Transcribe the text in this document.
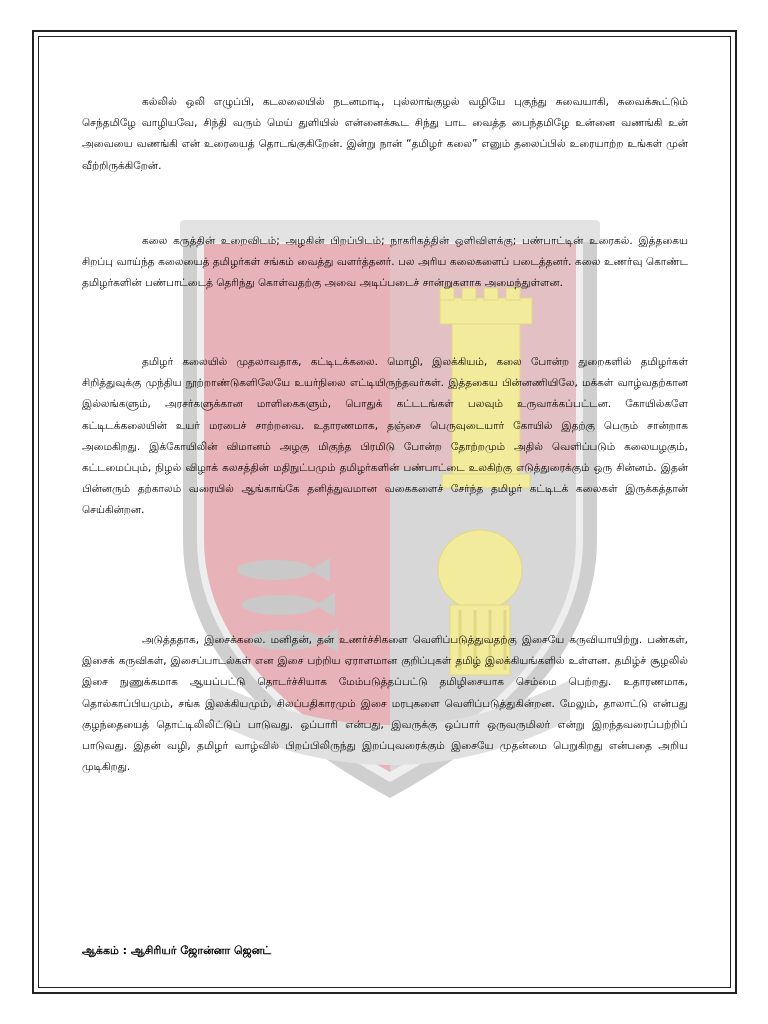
கல்லில் ஒலி எழுப்பி, கடலலையில் நடனமாடி, புல்லாங்குழல் வழியே புகுந்து சுவையாகி, சுவைக்கூட்டும் செந்தமிழே வாழியவே, சிந்தி வரும் மெய் துளியில் என்னைக்கூட சிந்து பாட வைத்த பைந்தமிழே உன்னை வணங்கி உன் அவையை வணங்கி என் உரையைத் தொடங்குகிறேன். இன்று நான் “தமிழர் கலை” எனும் தலைப்பில் உரையாற்ற உங்கள் முன் வீற்றிருக்கிறேன்.

கலை கருத்தின் உறைவிடம்; அழகின் பிறப்பிடம்; நாகரிகத்தின் ஒளிவிளக்கு; பண்பாட்டின் உரைகல். இத்தகைய சிறப்பு வாய்ந்த கலையைத் தமிழர்கள் சங்கம் வைத்து வளர்த்தனர். பல அரிய கலைகளைப் படைத்தனர். கலை உணர்வு கொண்ட தமிழர்களின் பண்பாட்டைத் தெரிந்து கொள்வதற்கு அவை அடிப்படைச் சான்றுகளாக அமைந்துள்ளன.

தமிழர் கலையில் முதலாவதாக, கட்டிடக்கலை. மொழி, இலக்கியம், கலை போன்ற துறைகளில் தமிழர்கள் சிறித்துவுக்கு முந்திய நூற்றாண்டுகளிலேயே உயர்நிலை எட்டியிருந்தவர்கள். இத்தகைய பின்னணியிலே, மக்கள் வாழ்வதற்கான இல்லங்களும், அரசர்களுக்கான மாளிகைகளும், பொதுக் கட்டடங்கள் பலவும் உருவாக்கப்பட்டன. கோயில்களே கட்டிடக்கலையின் உயர் மரபைச் சாற்றவை. உதாரணமாக, தஞ்சை பெருவுடையார் கோயில் இதற்கு பெரும் சான்றாக அமைகிறது. இக்கோயிலின் விமானம் அழகு மிகுந்த பிரமிடு போன்ற தோற்றமும் அதில் வெளிப்படும் கலையழகும், கட்டமைப்பும், நிழல் விழாக் கலசத்தின் மதிநுட்பமும் தமிழர்களின் பண்பாட்டை உலகிற்கு எடுத்துரைக்கும் ஒரு சின்னம். இதன் பின்னரும் தற்காலம் வரையில் ஆங்காங்கே தனித்துவமான வகைகளைச் சேர்ந்த தமிழர் கட்டிடக் கலைகள் இருக்கத்தான் செய்கின்றன.

அடுத்ததாக, இசைக்கலை. மனிதன், தன் உணர்ச்சிகளை வெளிப்படுத்துவதற்கு இசையே கருவியாயிற்று. பண்கள், இசைக் கருவிகள், இசைப்பாடல்கள் என இசை பற்றிய ஏராளமான குறிப்புகள் தமிழ் இலக்கியங்களில் உள்ளன. தமிழ்ச் சூழலில் இசை நுணுக்கமாக ஆயப்பட்டு தொடர்ச்சியாக மேம்படுத்தப்பட்டு தமிழிசையாக செம்மை பெற்றது. உதாரணமாக, தொல்காப்பியமும், சங்க இலக்கியமும், சிலப்பதிகாரமும் இசை மரபுகளை வெளிப்படுத்துகின்றன. மேலும், தாலாட்டு என்பது குழந்தையைத் தொட்டிலிலிட்டுப் பாடுவது. ஒப்பாரி என்பது, இவருக்கு ஒப்பார் ஒருவருமிலர் என்று இறந்தவரைப்பற்றிப் பாடுவது. இதன் வழி, தமிழர் வாழ்வில் பிறப்பிலிருந்து இறப்புவரைக்கும் இசையே முதன்மை பெறுகிறது என்பதை அறிய முடிகிறது.

ஆக்கம் : ஆசிரியர் ஜோன்னா ஜெனட்
